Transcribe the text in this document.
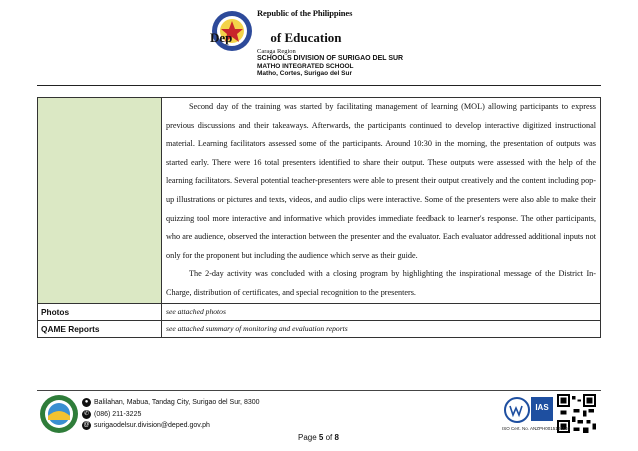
Republic of the Philippines
Dep	of Education
Caraga Region
SCHOOLS DIVISION OF SURIGAO DEL SUR
MATHO INTEGRATED SCHOOL
Matho, Cortes, Surigao del Sur

	Second day of the training was started by facilitating management of learning (MOL) allowing participants to express previous discussions and their takeaways. Afterwards, the participants continued to develop interactive digitized instructional material. Learning facilitators assessed some of the participants. Around 10:30 in the morning, the presentation of outputs was started early. There were 16 total presenters identified to share their output. These outputs were assessed with the help of the learning facilitators. Several potential teacher-presenters were able to present their output creatively and the content including pop-up illustrations or pictures and texts, videos, and audio clips were interactive. Some of the presenters were also able to make their quizzing tool more interactive and informative which provides immediate feedback to learner's response. The other participants, who are audience, observed the interaction between the presenter and the evaluator. Each evaluator addressed additional inputs not only for the proponent but including the audience which serve as their guide.

The 2-day activity was concluded with a closing program by highlighting the inspirational message of the District In-Charge, distribution of certificates, and special recognition to the presenters.

Photos	see attached photos
QAME Reports	see attached summary of monitoring and evaluation reports
● Balilahan, Mabua, Tandag City, Surigao del Sur, 8300
✆ (086) 211-3225
@ surigaodelsur.division@deped.gov.ph
Page 5 of 8
IAS
ISO Cert. No. ANZPH0015101103
